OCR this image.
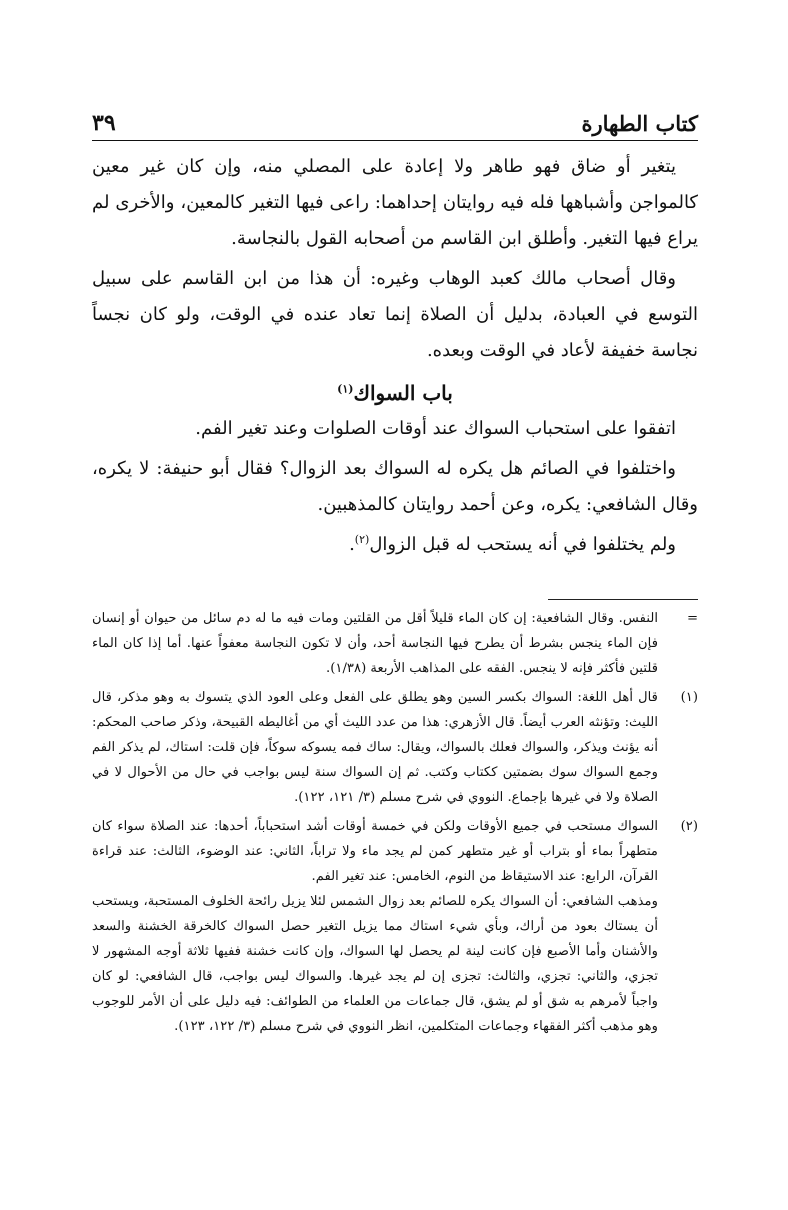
كتاب الطهارة
٣٩

يتغير أو ضاق فهو طاهر ولا إعادة على المصلي منه، وإن كان غير معين كالمواجن وأشباهها فله فيه روايتان إحداهما: راعى فيها التغير كالمعين، والأخرى لم يراع فيها التغير. وأطلق ابن القاسم من أصحابه القول بالنجاسة.

وقال أصحاب مالك كعبد الوهاب وغيره: أن هذا من ابن القاسم على سبيل التوسع في العبادة، بدليل أن الصلاة إنما تعاد عنده في الوقت، ولو كان نجساً نجاسة خفيفة لأعاد في الوقت وبعده.

باب السواك$^{(١)}$

اتفقوا على استحباب السواك عند أوقات الصلوات وعند تغير الفم.

واختلفوا في الصائم هل يكره له السواك بعد الزوال؟ فقال أبو حنيفة: لا يكره، وقال الشافعي: يكره، وعن أحمد روايتان كالمذهبين.

ولم يختلفوا في أنه يستحب له قبل الزوال$^{(٢)}$.

=

النفس. وقال الشافعية: إن كان الماء قليلاً أقل من القلتين ومات فيه ما له دم سائل من حيوان أو إنسان فإن الماء ينجس بشرط أن يطرح فيها النجاسة أحد، وأن لا تكون النجاسة معفواً عنها. أما إذا كان الماء قلتين فأكثر فإنه لا ينجس. الفقه على المذاهب الأربعة (١/٣٨).

(١)

قال أهل اللغة: السواك بكسر السين وهو يطلق على الفعل وعلى العود الذي يتسوك به وهو مذكر، قال الليث: وتؤنثه العرب أيضاً. قال الأزهري: هذا من عدد الليث أي من أغاليطه القبيحة، وذكر صاحب المحكم: أنه يؤنث ويذكر، والسواك فعلك بالسواك، ويقال: ساك فمه يسوكه سوكاً، فإن قلت: استاك، لم يذكر الفم وجمع السواك سوك بضمتين ككتاب وكتب. ثم إن السواك سنة ليس بواجب في حال من الأحوال لا في الصلاة ولا في غيرها بإجماع. النووي في شرح مسلم (٣/ ١٢١، ١٢٢).

(٢)
السواك مستحب في جميع الأوقات ولكن في خمسة أوقات أشد استحباباً، أحدها: عند الصلاة سواء كان متطهراً بماء أو بتراب أو غير متطهر كمن لم يجد ماء ولا تراباً، الثاني: عند الوضوء، الثالث: عند قراءة القرآن، الرابع: عند الاستيقاظ من النوم، الخامس: عند تغير الفم.
ومذهب الشافعي: أن السواك يكره للصائم بعد زوال الشمس لئلا يزيل رائحة الخلوف المستحبة، ويستحب أن يستاك بعود من أراك، وبأي شيء استاك مما يزيل التغير حصل السواك كالخرقة الخشنة والسعد والأشنان وأما الأصبع فإن كانت لينة لم يحصل لها السواك، وإن كانت خشنة ففيها ثلاثة أوجه المشهور لا تجزي، والثاني: تجزي، والثالث: تجزى إن لم يجد غيرها. والسواك ليس بواجب، قال الشافعي: لو كان واجباً لأمرهم به شق أو لم يشق، قال جماعات من العلماء من الطوائف: فيه دليل على أن الأمر للوجوب وهو مذهب أكثر الفقهاء وجماعات المتكلمين، انظر النووي في شرح مسلم (٣/ ١٢٢، ١٢٣).
